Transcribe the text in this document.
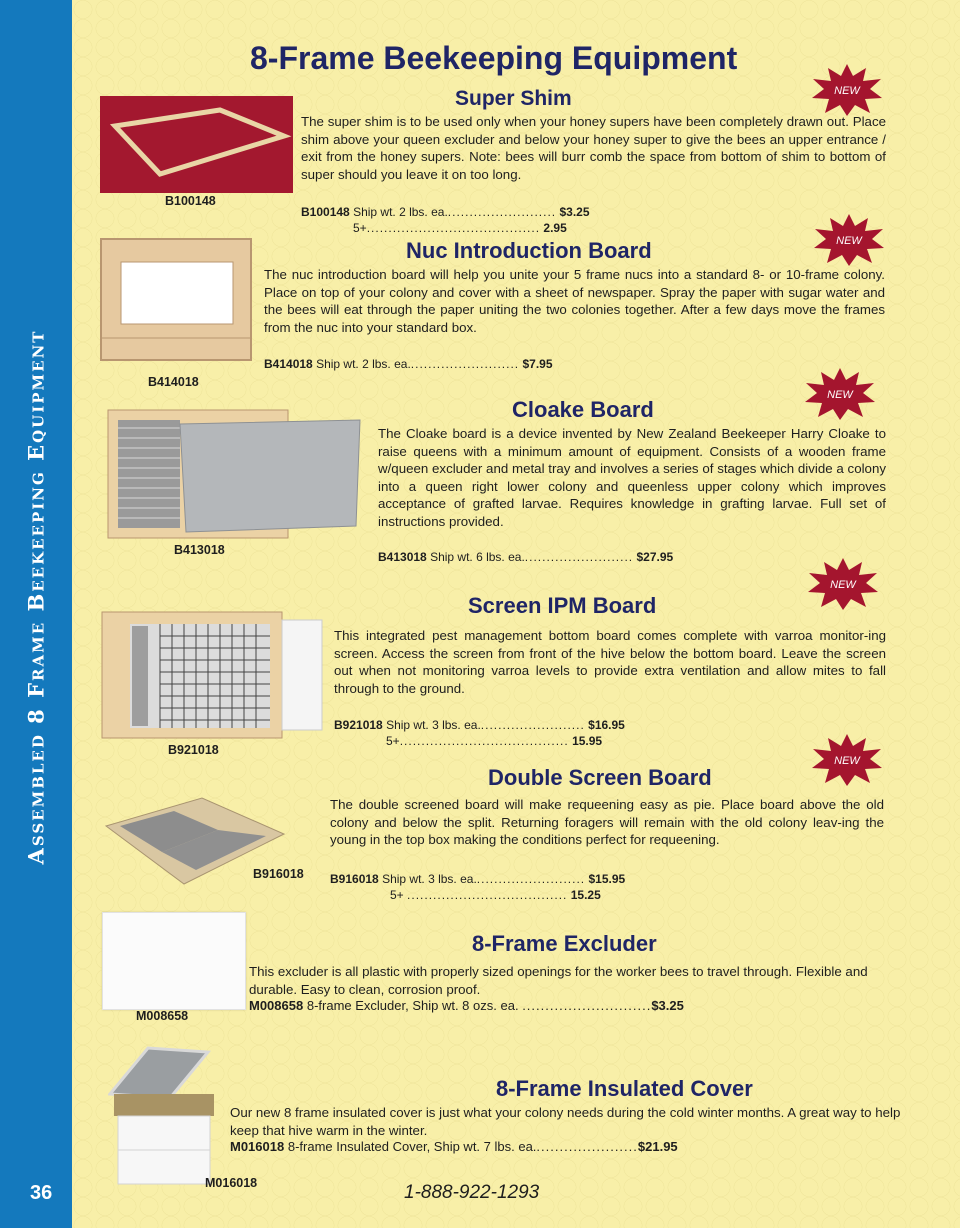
Assembled 8 Frame Beekeeping Equipment
36
8-Frame Beekeeping Equipment
NEW
NEW
NEW
NEW
NEW
B100148
Super Shim

The super shim is to be used only when your honey supers have been completely drawn out. Place shim above your queen excluder and below your honey super to give the bees an upper entrance / exit from the honey supers. Note: bees will burr comb the space from bottom of shim to bottom of super should you leave it on too long.

B100148 Ship wt. 2 lbs. ea.......................... $3.25
5+........................................ 2.95
B414018
Nuc Introduction Board

The nuc introduction board will help you unite your 5 frame nucs into a standard 8- or 10-frame colony. Place on top of your colony and cover with a sheet of newspaper. Spray the paper with sugar water and the bees will eat through the paper uniting the two colonies together. After a few days move the frames from the nuc into your standard box.

B414018 Ship wt. 2 lbs. ea.......................... $7.95
B413018
Cloake Board

The Cloake board is a device invented by New Zealand Beekeeper Harry Cloake to raise queens with a minimum amount of equipment. Consists of a wooden frame w/queen excluder and metal tray and involves a series of stages which divide a colony into a queen right lower colony and queenless upper colony which improves acceptance of grafted larvae. Requires knowledge in grafting larvae. Full set of instructions provided.

B413018 Ship wt. 6 lbs. ea.......................... $27.95
B921018
Screen IPM Board

This integrated pest management bottom board comes complete with varroa monitor-ing screen. Access the screen from front of the hive below the bottom board. Leave the screen out when not monitoring varroa levels to provide extra ventilation and allow mites to fall through to the ground.

B921018 Ship wt. 3 lbs. ea......................... $16.95
5+....................................... 15.95
B916018
Double Screen Board

The double screened board will make requeening easy as pie. Place board above the old colony and below the split. Returning foragers will remain with the old colony leav-ing the young in the top box making the conditions perfect for requeening.

B916018 Ship wt. 3 lbs. ea.......................... $15.95
5+ ..................................... 15.25
M008658
8-Frame Excluder

This excluder is all plastic with properly sized openings for the worker bees to travel through. Flexible and durable. Easy to clean, corrosion proof.

M008658 8-frame Excluder, Ship wt. 8 ozs. ea. ............................$3.25
M016018
8-Frame Insulated Cover

Our new 8 frame insulated cover is just what your colony needs during the cold winter months. A great way to help keep that hive warm in the winter.

M016018 8-frame Insulated Cover, Ship wt. 7 lbs. ea.......................$21.95
1-888-922-1293
